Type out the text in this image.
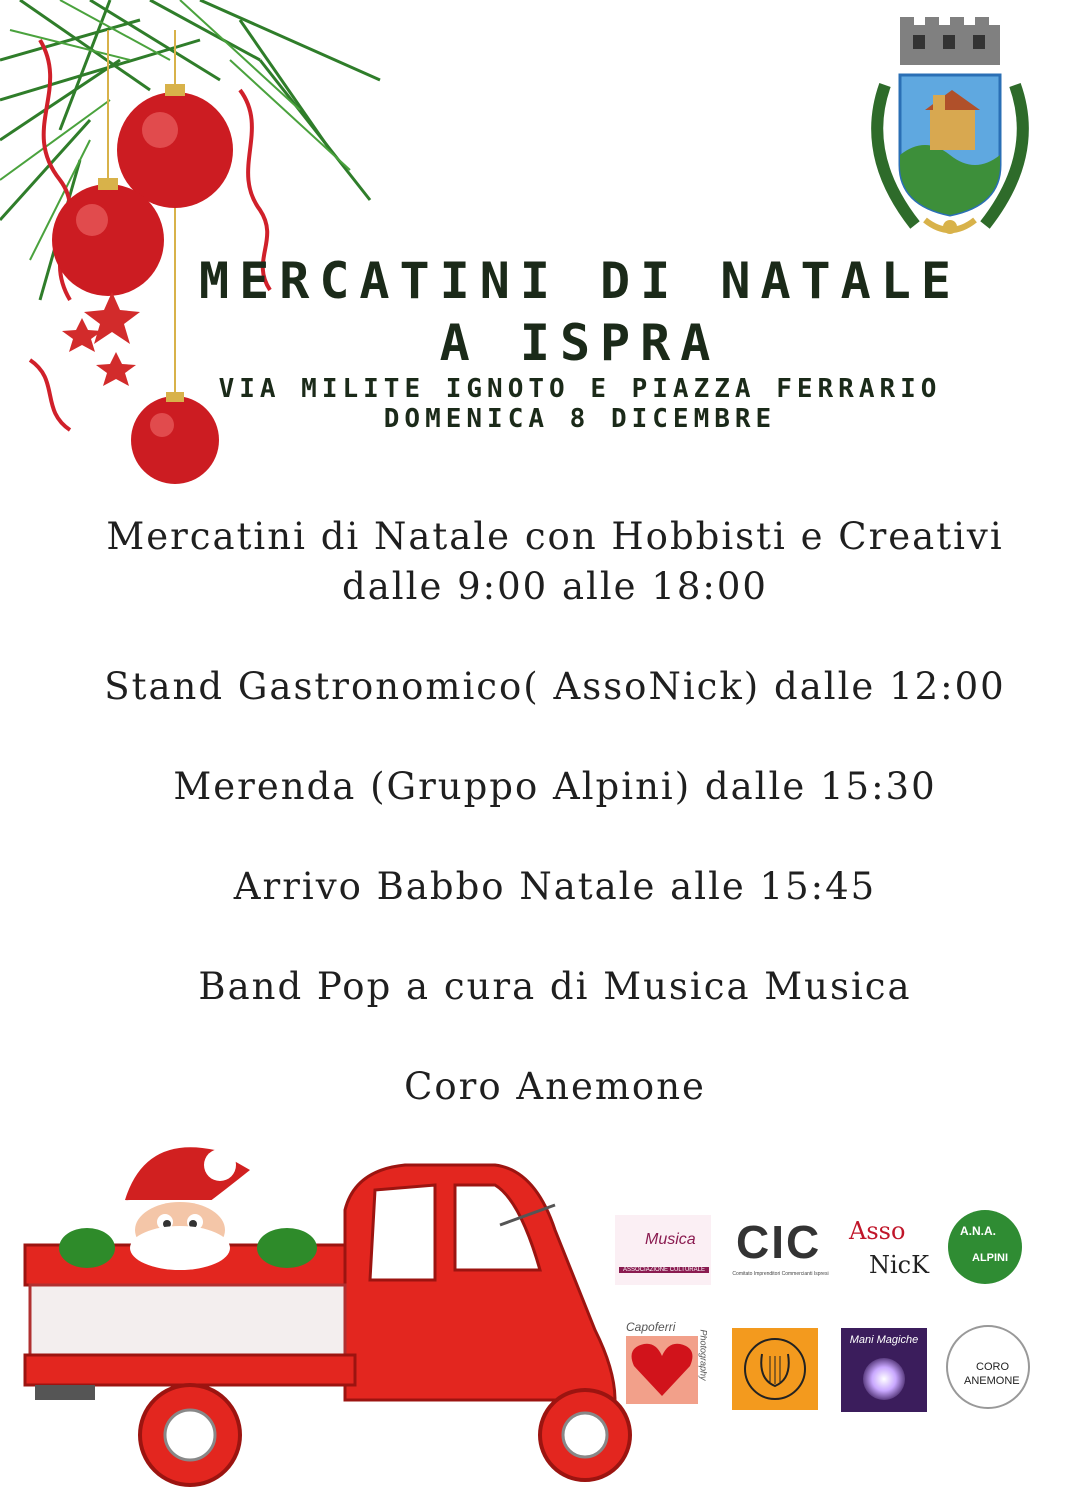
MERCATINI DI NATALE
A ISPRA
VIA MILITE IGNOTO E PIAZZA FERRARIO
DOMENICA 8 DICEMBRE
Mercatini di Natale con Hobbisti e Creativi
dalle 9:00 alle 18:00
Stand Gastronomico( AssoNick) dalle 12:00
Merenda (Gruppo Alpini) dalle 15:30
Arrivo Babbo Natale alle 15:45
Band Pop a cura di Musica Musica
Coro Anemone
Musica
ASSOCIAZIONE CULTURALE
CIC
Comitato Imprenditori Commercianti Ispresi
Asso
NicK
A.N.A.
ALPINI
Capoferri
Photography	Mani Magiche
CORO
ANEMONE
